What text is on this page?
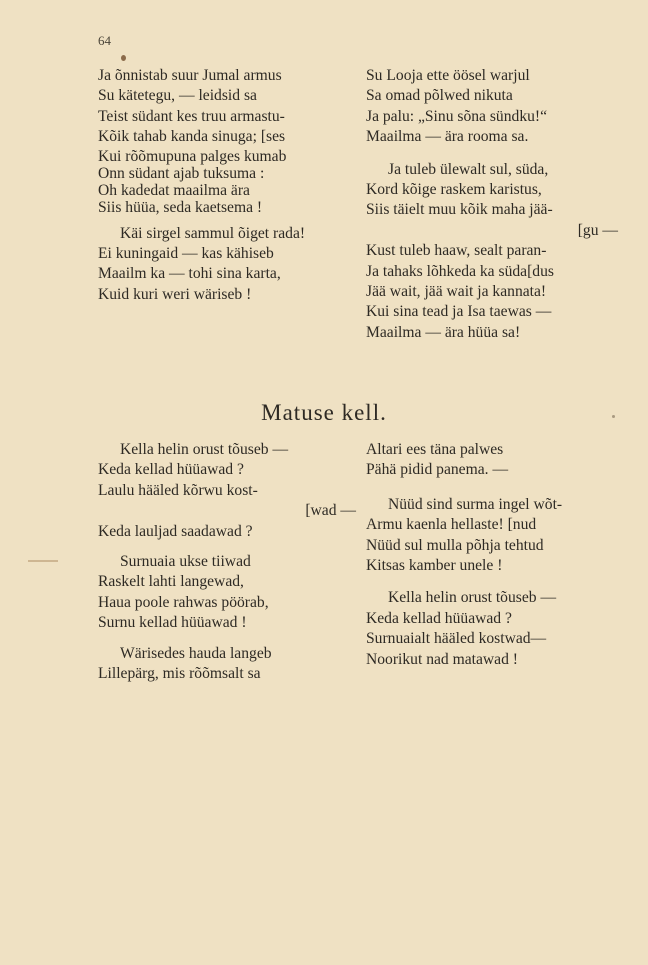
64
Ja õnnistab suur Jumal armus
Su kätetegu, — leidsid sa
Teist südant kes truu armastu-
Kõik tahab kanda sinuga; [ses
Kui rõõmupuna palges kumab
Onn südant ajab tuksuma :
Oh kadedat maailma ära
Siis hüüa, seda kaetsema !
Käi sirgel sammul õiget rada!
Ei kuningaid — kas kähiseb
Maailm ka — tohi sina karta,
Kuid kuri weri wäriseb !
Su Looja ette öösel warjul
Sa omad põlwed nikuta
Ja palu: „Sinu sõna sündku!“
Maailma — ära rooma sa.
Ja tuleb ülewalt sul, süda,
Kord kõige raskem karistus,
Siis täielt muu kõik maha jää-
[gu —
Kust tuleb haaw, sealt paran-
Ja tahaks lõhkeda ka süda[dus
Jää wait, jää wait ja kannata!
Kui sina tead ja Isa taewas —
Maailma — ära hüüa sa!
Matuse kell.
Kella helin orust tõuseb —
Keda kellad hüüawad ?
Laulu hääled kõrwu kost-
[wad —
Keda lauljad saadawad ?
Surnuaia ukse tiiwad
Raskelt lahti langewad,
Haua poole rahwas pöörab,
Surnu kellad hüüawad !
Wärisedes hauda langeb
Lillepärg, mis rõõmsalt sa
Altari ees täna palwes
Pähä pidid panema. —
Nüüd sind surma ingel wõt-
Armu kaenla hellaste! [nud
Nüüd sul mulla põhja tehtud
Kitsas kamber unele !
Kella helin orust tõuseb —
Keda kellad hüüawad ?
Surnuaialt hääled kostwad—
Noorikut nad matawad !
